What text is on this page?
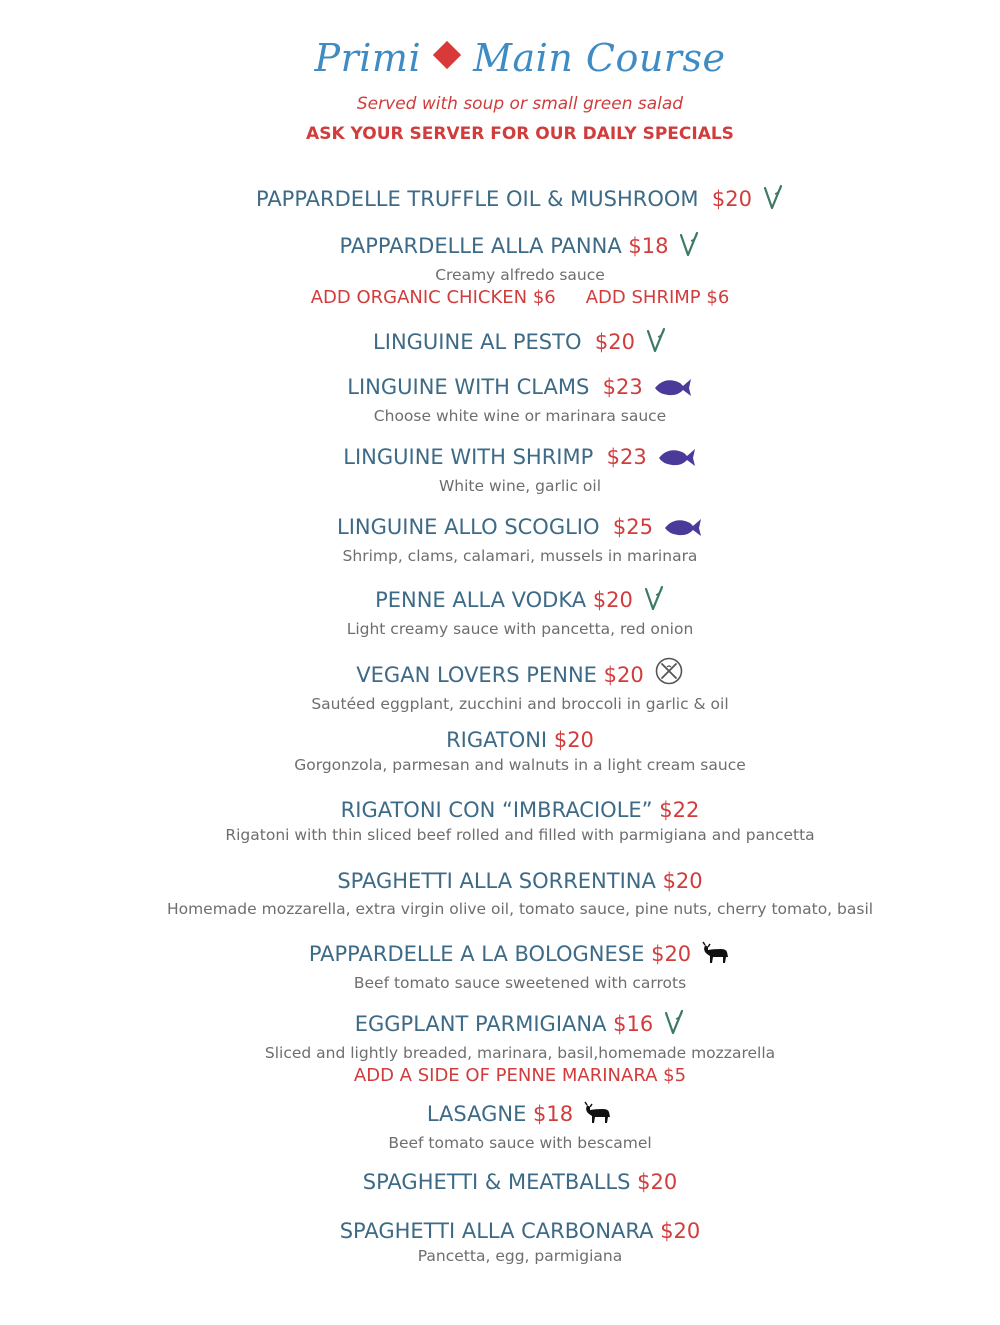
Primi Main Course
Served with soup or small green salad
ASK YOUR SERVER FOR OUR DAILY SPECIALS
PAPPARDELLE TRUFFLE OIL & MUSHROOM $20
PAPPARDELLE ALLA PANNA $18
Creamy alfredo sauce
ADD ORGANIC CHICKEN $6 ADD SHRIMP $6
LINGUINE AL PESTO $20
LINGUINE WITH CLAMS $23
Choose white wine or marinara sauce
LINGUINE WITH SHRIMP $23
White wine, garlic oil
LINGUINE ALLO SCOGLIO $25
Shrimp, clams, calamari, mussels in marinara
PENNE ALLA VODKA $20
Light creamy sauce with pancetta, red onion
VEGAN LOVERS PENNE $20
Sautéed eggplant, zucchini and broccoli in garlic & oil
RIGATONI $20
Gorgonzola, parmesan and walnuts in a light cream sauce
RIGATONI CON “IMBRACIOLE” $22
Rigatoni with thin sliced beef rolled and filled with parmigiana and pancetta
SPAGHETTI ALLA SORRENTINA $20
Homemade mozzarella, extra virgin olive oil, tomato sauce, pine nuts, cherry tomato, basil
PAPPARDELLE A LA BOLOGNESE $20
Beef tomato sauce sweetened with carrots
EGGPLANT PARMIGIANA $16
Sliced and lightly breaded, marinara, basil,homemade mozzarella
ADD A SIDE OF PENNE MARINARA $5
LASAGNE $18
Beef tomato sauce with bescamel
SPAGHETTI & MEATBALLS $20
SPAGHETTI ALLA CARBONARA $20
Pancetta, egg, parmigiana
